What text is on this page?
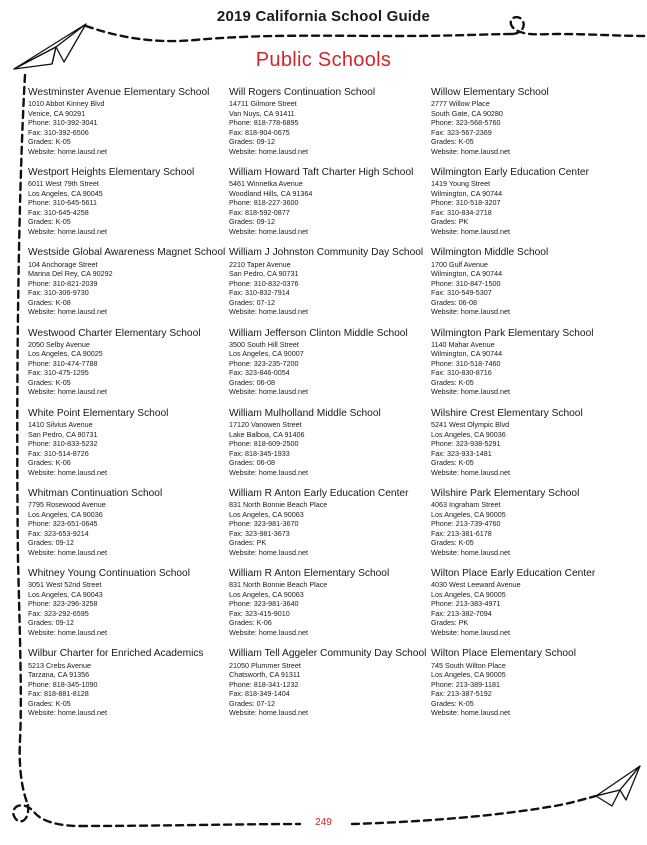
2019 California School Guide
Public Schools
Westminster Avenue Elementary School
1010 Abbot Kinney Blvd
Venice, CA 90291
Phone: 310-392-3041
Fax: 310-392-6506
Grades: K-05
Website: home.lausd.net
Westport Heights Elementary School
6011 West 79th Street
Los Angeles, CA 90045
Phone: 310-645-5611
Fax: 310-645-4258
Grades: K-05
Website: home.lausd.net
Westside Global Awareness Magnet School
104 Anchorage Street
Marina Del Rey, CA 90292
Phone: 310-821-2039
Fax: 310-306-9730
Grades: K-08
Website: home.lausd.net
Westwood Charter Elementary School
2050 Selby Avenue
Los Angeles, CA 90025
Phone: 310-474-7788
Fax: 310-475-1295
Grades: K-05
Website: home.lausd.net
White Point Elementary School
1410 Silvius Avenue
San Pedro, CA 90731
Phone: 310-833-5232
Fax: 310-514-8726
Grades: K-06
Website: home.lausd.net
Whitman Continuation School
7795 Rosewood Avenue
Los Angeles, CA 90036
Phone: 323-651-0645
Fax: 323-653-9214
Grades: 09-12
Website: home.lausd.net
Whitney Young Continuation School
3051 West 52nd Street
Los Angeles, CA 90043
Phone: 323-296-3258
Fax: 323-292-6595
Grades: 09-12
Website: home.lausd.net
Wilbur Charter for Enriched Academics
5213 Crebs Avenue
Tarzana, CA 91356
Phone: 818-345-1090
Fax: 818-881-8128
Grades: K-05
Website: home.lausd.net
Will Rogers Continuation School
14711 Gilmore Street
Van Nuys, CA 91411
Phone: 818-778-6895
Fax: 818-904-0675
Grades: 09-12
Website: home.lausd.net
William Howard Taft Charter High School
5461 Winnetka Avenue
Woodland Hills, CA 91364
Phone: 818-227-3600
Fax: 818-592-0877
Grades: 09-12
Website: home.lausd.net
William J Johnston Community Day School
2210 Taper Avenue
San Pedro, CA 90731
Phone: 310-832-0376
Fax: 310-832-7914
Grades: 07-12
Website: home.lausd.net
William Jefferson Clinton Middle School
3500 South Hill Street
Los Angeles, CA 90007
Phone: 323-235-7200
Fax: 323-846-0054
Grades: 06-08
Website: home.lausd.net
William Mulholland Middle School
17120 Vanowen Street
Lake Balboa, CA 91406
Phone: 818-609-2500
Fax: 818-345-1933
Grades: 06-08
Website: home.lausd.net
William R Anton Early Education Center
831 North Bonnie Beach Place
Los Angeles, CA 90063
Phone: 323-981-3670
Fax: 323-981-3673
Grades: PK
Website: home.lausd.net
William R Anton Elementary School
831 North Bonnie Beach Place
Los Angeles, CA 90063
Phone: 323-981-3640
Fax: 323-415-9010
Grades: K-06
Website: home.lausd.net
William Tell Aggeler Community Day School
21050 Plummer Street
Chatsworth, CA 91311
Phone: 818-341-1232
Fax: 818-349-1404
Grades: 07-12
Website: home.lausd.net
Willow Elementary School
2777 Willow Place
South Gate, CA 90280
Phone: 323-568-5760
Fax: 323-567-2369
Grades: K-05
Website: home.lausd.net
Wilmington Early Education Center
1419 Young Street
Wilmington, CA 90744
Phone: 310-518-3207
Fax: 310-834-2718
Grades: PK
Website: home.lausd.net
Wilmington Middle School
1700 Gulf Avenue
Wilmington, CA 90744
Phone: 310-847-1500
Fax: 310-549-5307
Grades: 06-08
Website: home.lausd.net
Wilmington Park Elementary School
1140 Mahar Avenue
Wilmington, CA 90744
Phone: 310-518-7460
Fax: 310-830-8716
Grades: K-05
Website: home.lausd.net
Wilshire Crest Elementary School
5241 West Olympic Blvd
Los Angeles, CA 90036
Phone: 323-938-5291
Fax: 323-933-1481
Grades: K-05
Website: home.lausd.net
Wilshire Park Elementary School
4063 Ingraham Street
Los Angeles, CA 90005
Phone: 213-739-4760
Fax: 213-381-6178
Grades: K-05
Website: home.lausd.net
Wilton Place Early Education Center
4030 West Leeward Avenue
Los Angeles, CA 90005
Phone: 213-383-4971
Fax: 213-382-7094
Grades: PK
Website: home.lausd.net
Wilton Place Elementary School
745 South Wilton Place
Los Angeles, CA 90005
Phone: 213-389-1181
Fax: 213-387-5192
Grades: K-05
Website: home.lausd.net
249
